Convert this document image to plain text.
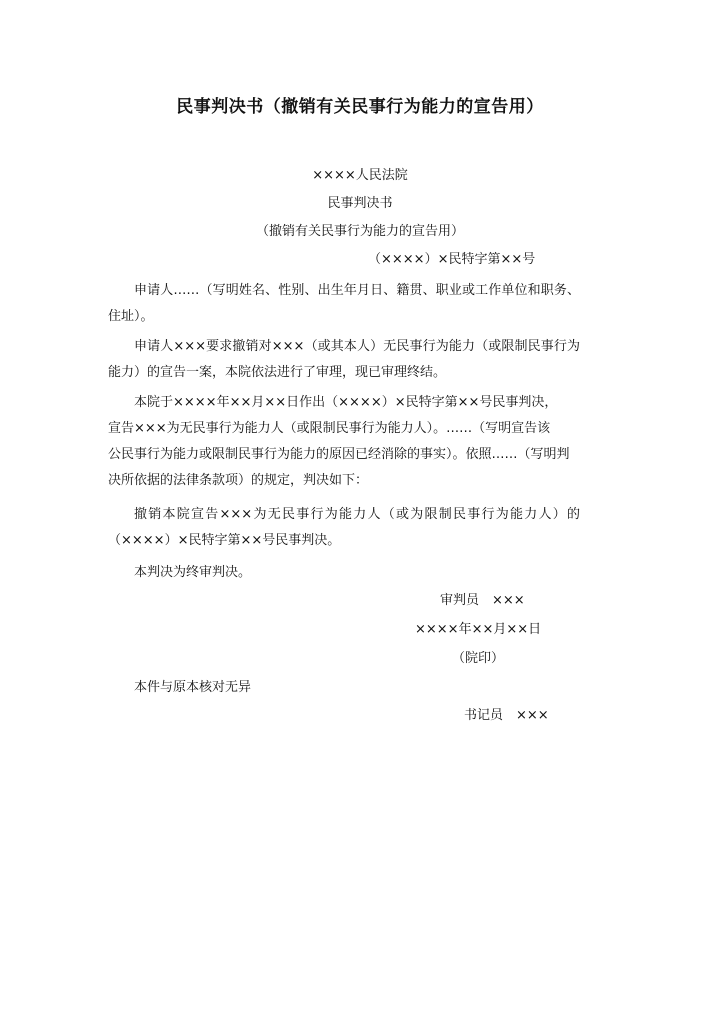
民事判决书（撤销有关民事行为能力的宣告用）
××××人民法院
民事判决书
（撤销有关民事行为能力的宣告用）
（××××）×民特字第××号
申请人……（写明姓名、性别、出生年月日、籍贯、职业或工作单位和职务、住址）。
申请人×××要求撤销对×××（或其本人）无民事行为能力（或限制民事行为能力）的宣告一案，本院依法进行了审理，现已审理终结。
本院于××××年××月××日作出（××××）×民特字第××号民事判决，
宣告×××为无民事行为能力人（或限制民事行为能力人）。……（写明宣告该
公民事行为能力或限制民事行为能力的原因已经消除的事实）。依照……（写明判
决所依据的法律条款项）的规定，判决如下：
撤销本院宣告×××为无民事行为能力人（或为限制民事行为能力人）的（××××）×民特字第××号民事判决。
本判决为终审判决。
审判员　×××
××××年××月××日
（院印）
本件与原本核对无异
书记员　×××
